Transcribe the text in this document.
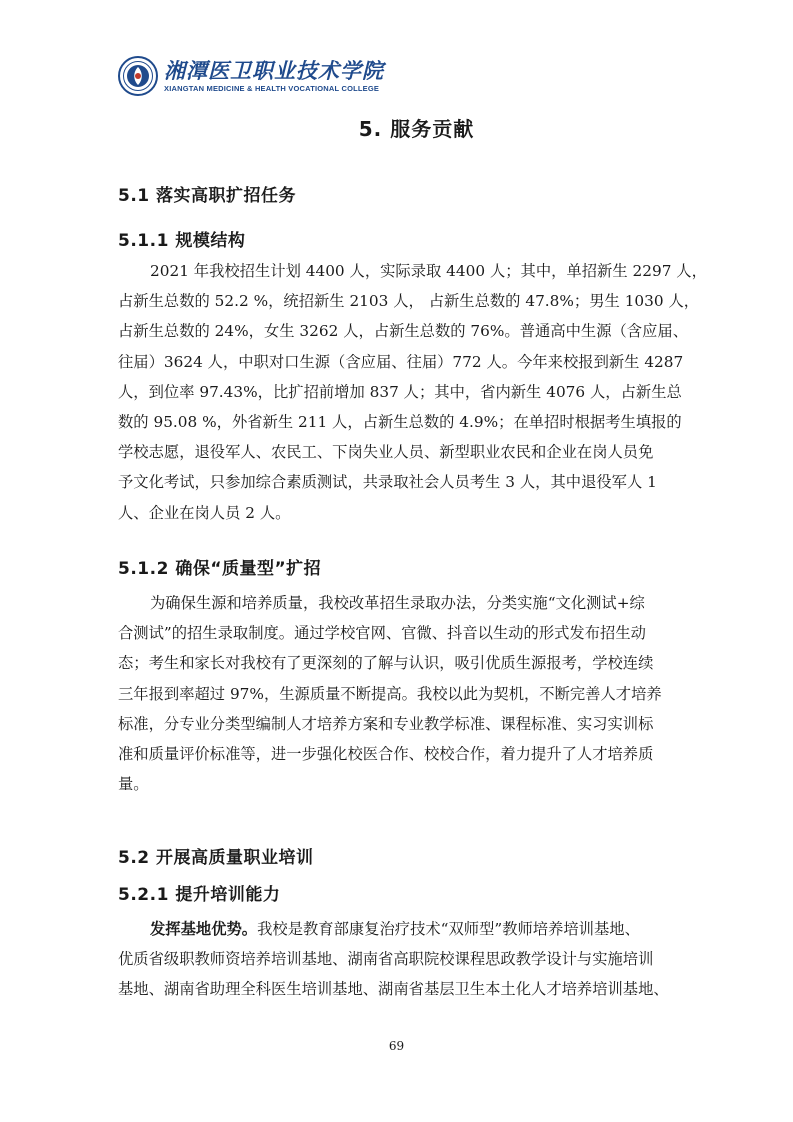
湘潭医卫职业技术学院
XIANGTAN MEDICINE & HEALTH VOCATIONAL COLLEGE
5. 服务贡献
5.1 落实高职扩招任务
5.1.1 规模结构
2021 年我校招生计划 4400 人，实际录取 4400 人；其中，单招新生 2297 人，
占新生总数的 52.2 %，统招新生 2103 人， 占新生总数的 47.8%；男生 1030 人，
占新生总数的 24%，女生 3262 人，占新生总数的 76%。普通高中生源（含应届、
往届）3624 人，中职对口生源（含应届、往届）772 人。今年来校报到新生 4287
人，到位率 97.43%，比扩招前增加 837 人；其中，省内新生 4076 人，占新生总
数的 95.08 %，外省新生 211 人，占新生总数的 4.9%；在单招时根据考生填报的
学校志愿，退役军人、农民工、下岗失业人员、新型职业农民和企业在岗人员免
予文化考试，只参加综合素质测试，共录取社会人员考生 3 人，其中退役军人 1
人、企业在岗人员 2 人。
5.1.2 确保“质量型”扩招
为确保生源和培养质量，我校改革招生录取办法，分类实施“文化测试+综
合测试”的招生录取制度。通过学校官网、官微、抖音以生动的形式发布招生动
态；考生和家长对我校有了更深刻的了解与认识，吸引优质生源报考，学校连续
三年报到率超过 97%，生源质量不断提高。我校以此为契机，不断完善人才培养
标准，分专业分类型编制人才培养方案和专业教学标准、课程标准、实习实训标
准和质量评价标准等，进一步强化校医合作、校校合作，着力提升了人才培养质
量。
5.2 开展高质量职业培训
5.2.1 提升培训能力
发挥基地优势。我校是教育部康复治疗技术“双师型”教师培养培训基地、
优质省级职教师资培养培训基地、湖南省高职院校课程思政教学设计与实施培训
基地、湖南省助理全科医生培训基地、湖南省基层卫生本土化人才培养培训基地、
69
